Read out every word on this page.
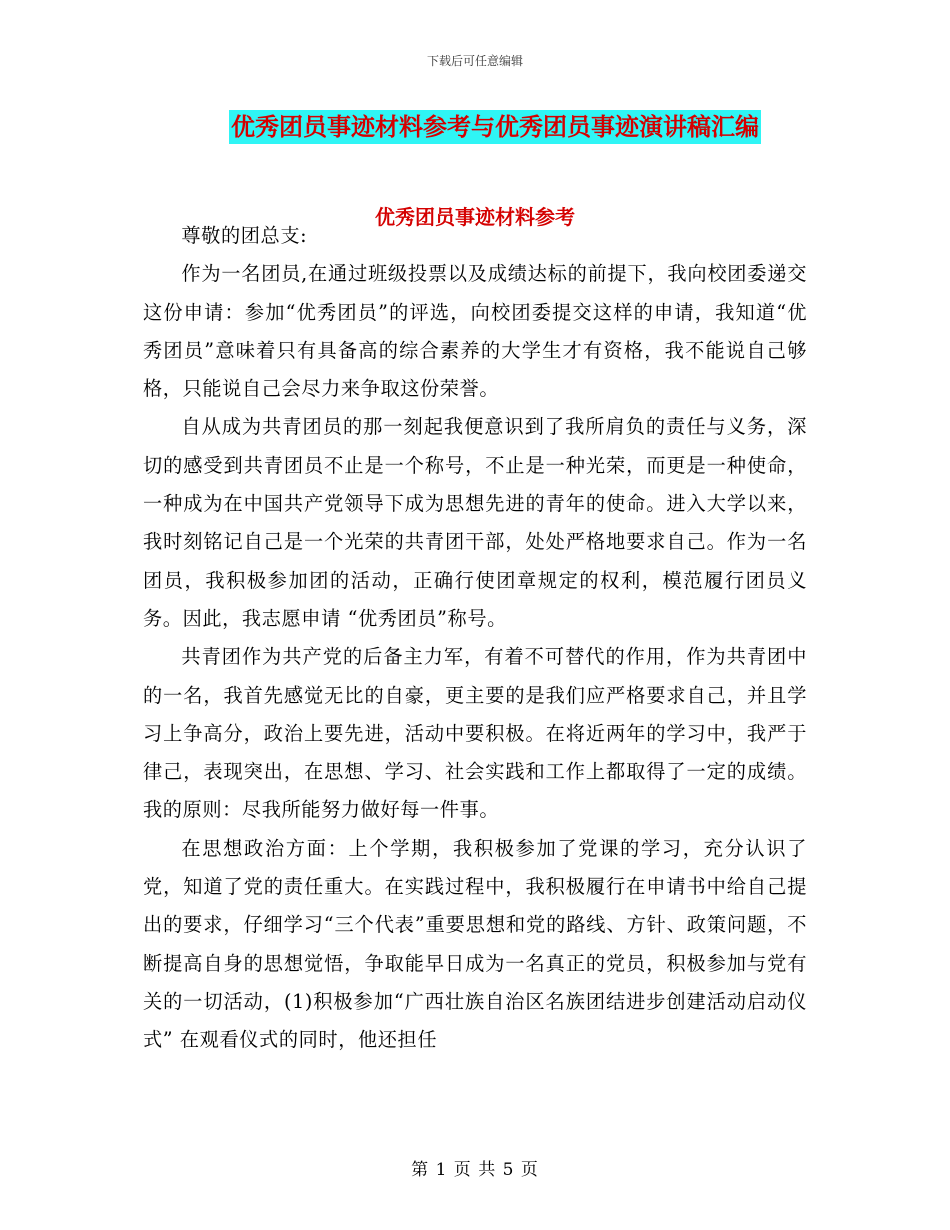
下载后可任意编辑
优秀团员事迹材料参考与优秀团员事迹演讲稿汇编
优秀团员事迹材料参考

尊敬的团总支:

作为一名团员,在通过班级投票以及成绩达标的前提下，我向校团委递交这份申请：参加“优秀团员”的评选，向校团委提交这样的申请，我知道“优秀团员”意味着只有具备高的综合素养的大学生才有资格，我不能说自己够格，只能说自己会尽力来争取这份荣誉。

自从成为共青团员的那一刻起我便意识到了我所肩负的责任与义务，深切的感受到共青团员不止是一个称号，不止是一种光荣，而更是一种使命，一种成为在中国共产党领导下成为思想先进的青年的使命。进入大学以来，我时刻铭记自己是一个光荣的共青团干部，处处严格地要求自己。作为一名团员，我积极参加团的活动，正确行使团章规定的权利，模范履行团员义务。因此，我志愿申请 “优秀团员”称号。

共青团作为共产党的后备主力军，有着不可替代的作用，作为共青团中的一名，我首先感觉无比的自豪，更主要的是我们应严格要求自己，并且学习上争高分，政治上要先进，活动中要积极。在将近两年的学习中，我严于律己，表现突出，在思想、学习、社会实践和工作上都取得了一定的成绩。我的原则：尽我所能努力做好每一件事。

在思想政治方面：上个学期，我积极参加了党课的学习，充分认识了党，知道了党的责任重大。在实践过程中，我积极履行在申请书中给自己提出的要求，仔细学习“三个代表”重要思想和党的路线、方针、政策问题，不断提高自身的思想觉悟，争取能早日成为一名真正的党员，积极参加与党有关的一切活动，(1)积极参加“广西壮族自治区名族团结进步创建活动启动仪式” 在观看仪式的同时，他还担任

第 1 页 共 5 页
